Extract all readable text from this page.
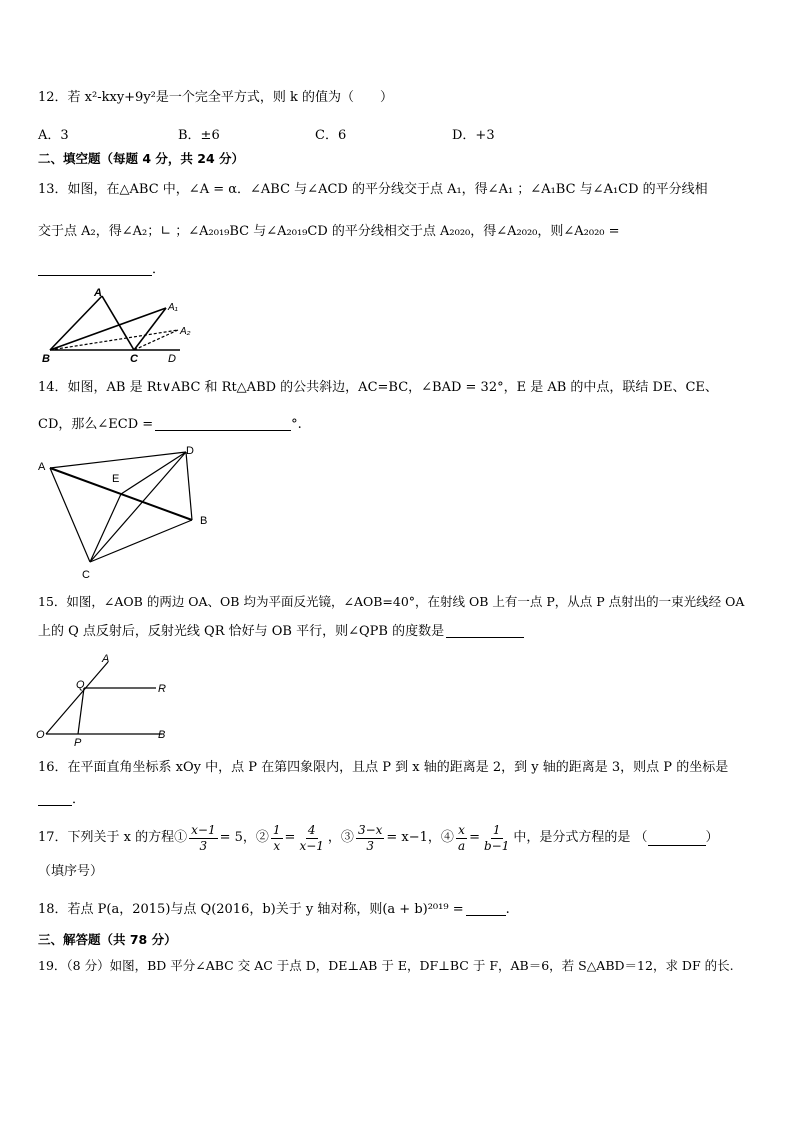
12．若 x²-kxy+9y²是一个完全平方式，则 k 的值为（　　）
A．3	B．±6	C．6	D．+3
二、填空题（每题 4 分，共 24 分）
13．如图，在△ABC 中，∠A = α．∠ABC 与∠ACD 的平分线交于点 A₁，得∠A₁ ；∠A₁BC 与∠A₁CD 的平分线相
交于点 A₂，得∠A₂；∟ ；∠A₂₀₁₉BC 与∠A₂₀₁₉CD 的平分线相交于点 A₂₀₂₀，得∠A₂₀₂₀，则∠A₂₀₂₀ =
．
A
A₁
A₂
B	C	D
14．如图，AB 是 Rt∨ABC 和 Rt△ABD 的公共斜边，AC=BC，∠BAD = 32°，E 是 AB 的中点，联结 DE、CE、
CD，那么∠ECD =	°.
A
D
E
B
C
15．如图，∠AOB 的两边 OA、OB 均为平面反光镜，∠AOB=40°，在射线 OB 上有一点 P，从点 P 点射出的一束光线经 OA
上的 Q 点反射后，反射光线 QR 恰好与 OB 平行，则∠QPB 的度数是
A
Q	R
O
P
B
16．在平面直角坐标系 xOy 中，点 P 在第四象限内，且点 P 到 x 轴的距离是 2，到 y 轴的距离是 3，则点 P 的坐标是
．
17．下列关于 x 的方程① $\frac{x-1}{3} = 5$，② $\frac{1}{x} = \frac{4}{x-1}$ ，③ $\frac{3-x}{3} = x-1$，④ $\frac{x}{a} = \frac{1}{b-1}$ 中，是分式方程的是 （	）
（填序号）
18．若点 P(a，2015)与点 Q(2016，b)关于 y 轴对称，则(a + b)²⁰¹⁹ =	.
三、解答题（共 78 分）
19．（8 分）如图，BD 平分∠ABC 交 AC 于点 D，DE⊥AB 于 E，DF⊥BC 于 F，AB＝6，若 S△ABD＝12，求 DF 的长.
